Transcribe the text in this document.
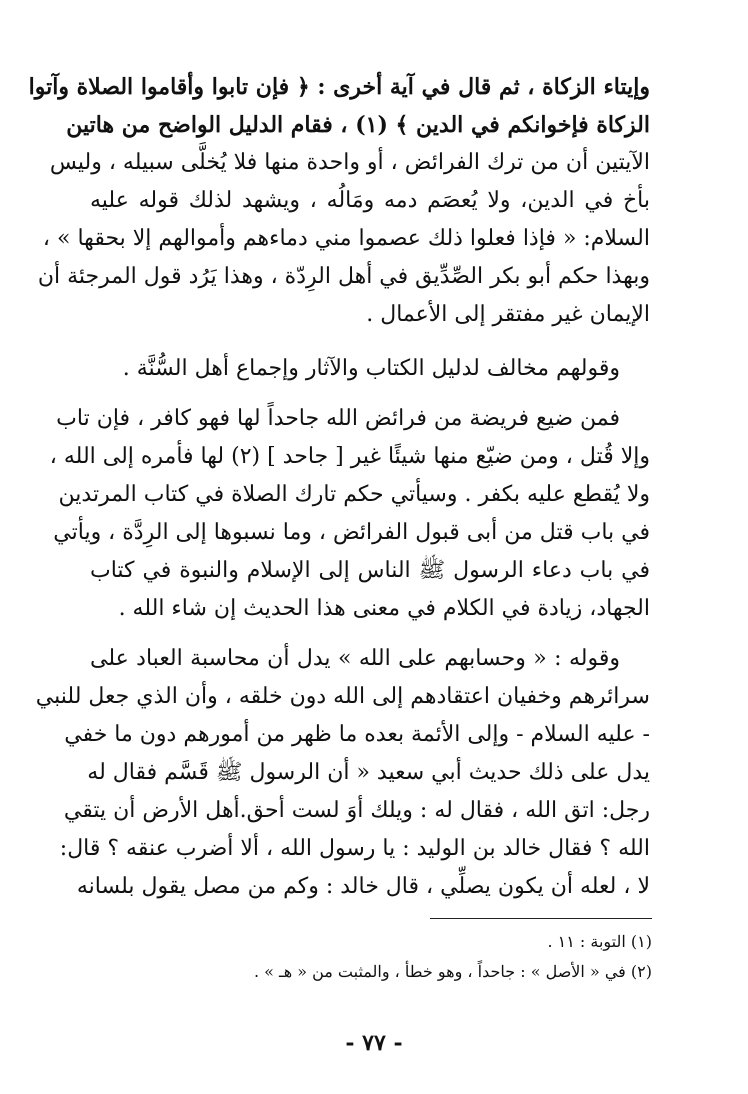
وإيتاء الزكاة ، ثم قال في آية أخرى : ﴿ فإن تابوا وأقاموا الصلاة وآتوا
الزكاة فإخوانكم في الدين ﴾ (١) ، فقام الدليل الواضح من هاتين
الآيتين أن من ترك الفرائض ، أو واحدة منها فلا يُخلَّى سبيله ، وليس
بأخ في الدين، ولا يُعصَم دمه ومَالُه ، ويشهد لذلك قوله عليه
السلام: « فإذا فعلوا ذلك عصموا مني دماءهم وأموالهم إلا بحقها » ،
وبهذا حكم أبو بكر الصِّدِّيق في أهل الرِدّة ، وهذا يَرُد قول المرجئة أن
الإيمان غير مفتقر إلى الأعمال .
وقولهم مخالف لدليل الكتاب والآثار وإجماع أهل السُّنَّة .
فمن ضيع فريضة من فرائض الله جاحداً لها فهو كافر ، فإن تاب
وإلا قُتل ، ومن ضيّع منها شيئًا غير [ جاحد ] (٢) لها فأمره إلى الله ،
ولا يُقطع عليه بكفر . وسيأتي حكم تارك الصلاة في كتاب المرتدين
في باب قتل من أبى قبول الفرائض ، وما نسبوها إلى الرِدَّة ، ويأتي
في باب دعاء الرسول ﷺ الناس إلى الإسلام والنبوة في كتاب
الجهاد، زيادة في الكلام في معنى هذا الحديث إن شاء الله .
وقوله : « وحسابهم على الله » يدل أن محاسبة العباد على
سرائرهم وخفيان اعتقادهم إلى الله دون خلقه ، وأن الذي جعل للنبي
- عليه السلام - وإلى الأئمة بعده ما ظهر من أمورهم دون ما خفي
يدل على ذلك حديث أبي سعيد « أن الرسول ﷺ قَسَّم فقال له
رجل: اتق الله ، فقال له : ويلك أوَ لست أحق.أهل الأرض أن يتقي
الله ؟ فقال خالد بن الوليد : يا رسول الله ، ألا أضرب عنقه ؟ قال:
لا ، لعله أن يكون يصلِّي ، قال خالد : وكم من مصل يقول بلسانه
(١) التوبة : ١١ .
(٢) في « الأصل » : جاحداً ، وهو خطأ ، والمثبت من « هـ » .
- ٧٧ -
